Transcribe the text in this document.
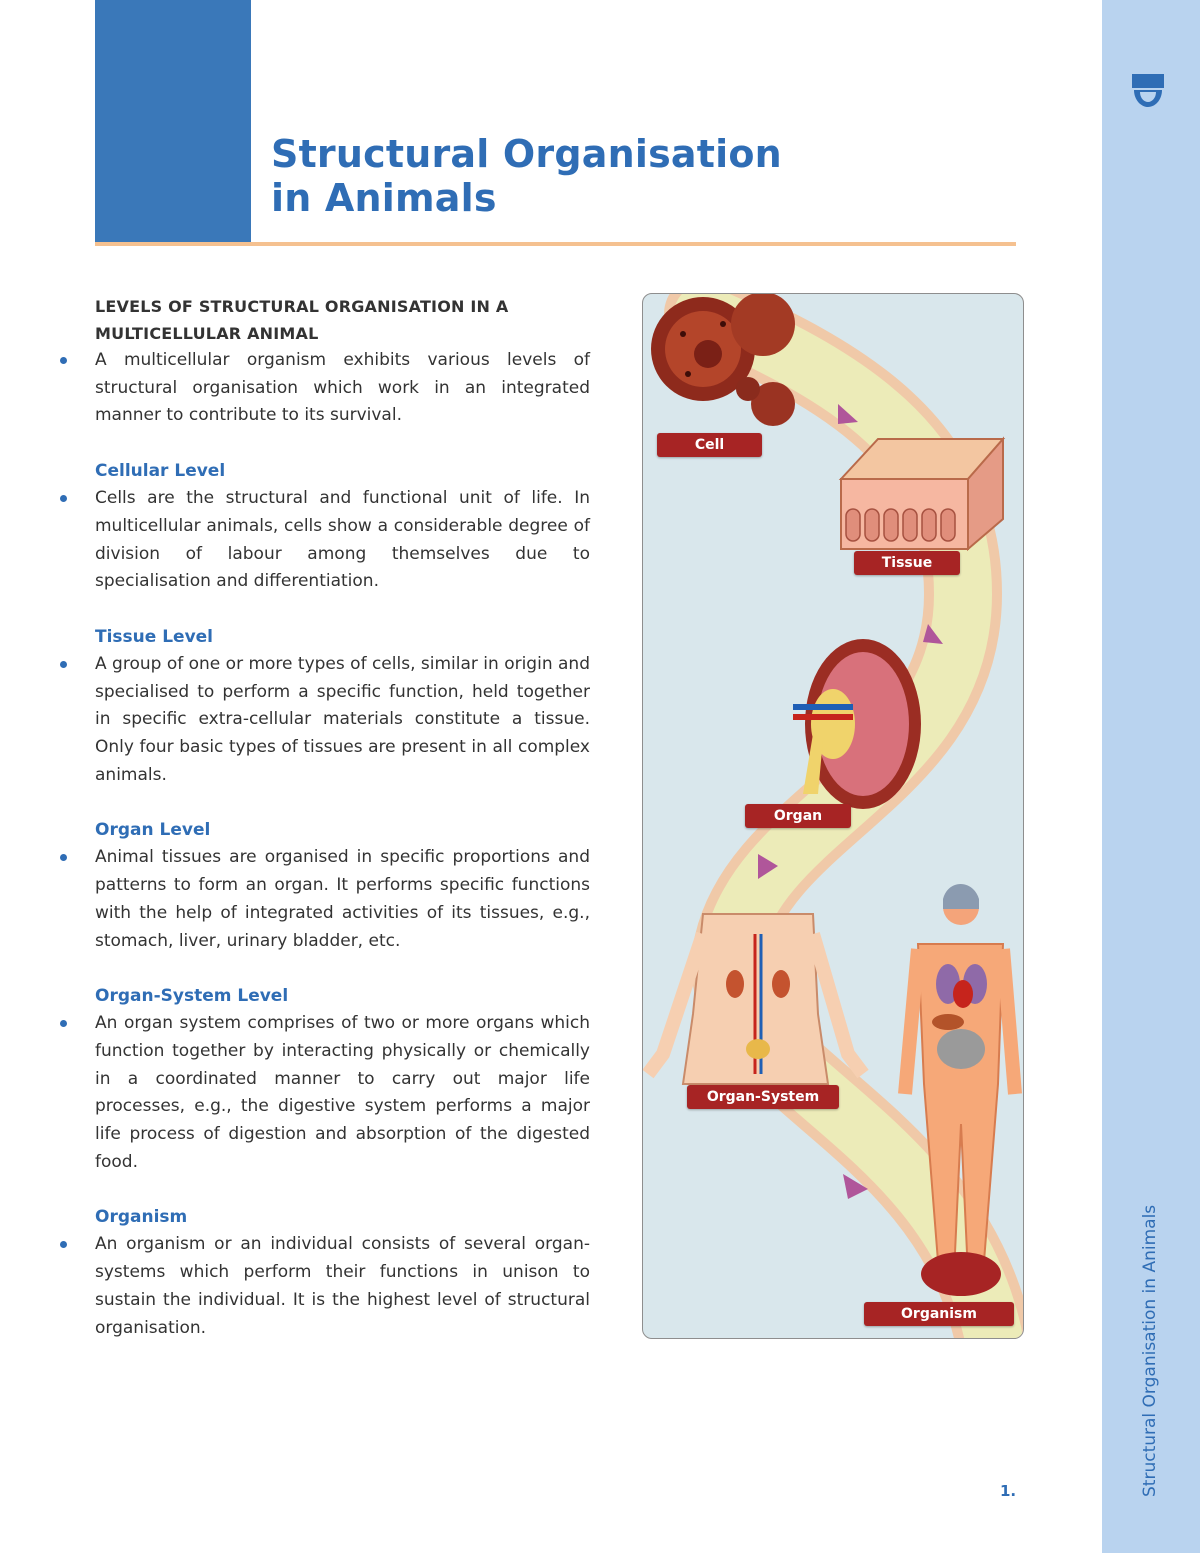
Structural Organisation
in Animals
Structural Organisation in Animals

LEVELS OF STRUCTURAL ORGANISATION IN A MULTICELLULAR ANIMAL

A multicellular organism exhibits various levels of structural organisation which work in an integrated manner to contribute to its survival.

Cellular Level

Cells are the structural and functional unit of life. In multicellular animals, cells show a considerable degree of division of labour among themselves due to specialisation and differentiation.

Tissue Level

A group of one or more types of cells, similar in origin and specialised to perform a specific function, held together in specific extra-cellular materials constitute a tissue. Only four basic types of tissues are present in all complex animals.

Organ Level

Animal tissues are organised in specific proportions and patterns to form an organ. It performs specific functions with the help of integrated activities of its tissues, e.g., stomach, liver, urinary bladder, etc.

Organ-System Level

An organ system comprises of two or more organs which function together by interacting physically or chemically in a coordinated manner to carry out major life processes, e.g., the digestive system performs a major life process of digestion and absorption of the digested food.

Organism

An organism or an individual consists of several organ-systems which perform their functions in unison to sustain the individual. It is the highest level of structural organisation.

Cell
Tissue
Organ
Organ-System
Organism
1.
